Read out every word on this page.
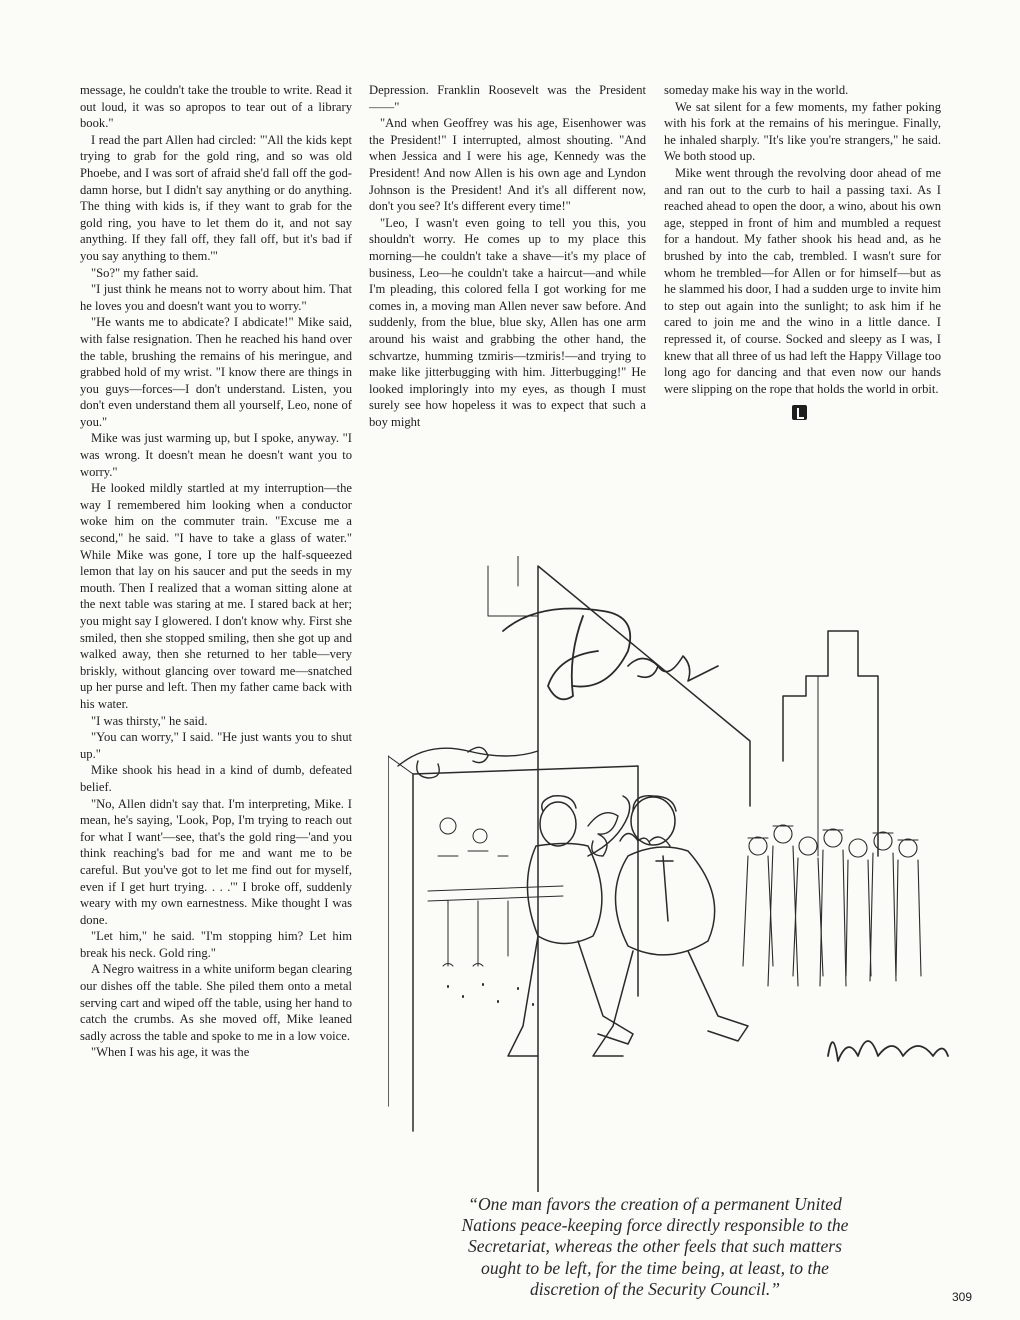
message, he couldn't take the trouble to write. Read it out loud, it was so apropos to tear out of a library book."

I read the part Allen had circled: "'All the kids kept trying to grab for the gold ring, and so was old Phoebe, and I was sort of afraid she'd fall off the god-damn horse, but I didn't say anything or do anything. The thing with kids is, if they want to grab for the gold ring, you have to let them do it, and not say anything. If they fall off, they fall off, but it's bad if you say anything to them.'"

"So?" my father said.

"I just think he means not to worry about him. That he loves you and doesn't want you to worry."

"He wants me to abdicate? I abdicate!" Mike said, with false resignation. Then he reached his hand over the table, brushing the remains of his meringue, and grabbed hold of my wrist. "I know there are things in you guys—forces—I don't understand. Listen, you don't even understand them all yourself, Leo, none of you."

Mike was just warming up, but I spoke, anyway. "I was wrong. It doesn't mean he doesn't want you to worry."

He looked mildly startled at my interruption—the way I remembered him looking when a conductor woke him on the commuter train. "Excuse me a second," he said. "I have to take a glass of water." While Mike was gone, I tore up the half-squeezed lemon that lay on his saucer and put the seeds in my mouth. Then I realized that a woman sitting alone at the next table was staring at me. I stared back at her; you might say I glowered. I don't know why. First she smiled, then she stopped smiling, then she got up and walked away, then she returned to her table—very briskly, without glancing over toward me—snatched up her purse and left. Then my father came back with his water.

"I was thirsty," he said.

"You can worry," I said. "He just wants you to shut up."

Mike shook his head in a kind of dumb, defeated belief.

"No, Allen didn't say that. I'm interpreting, Mike. I mean, he's saying, 'Look, Pop, I'm trying to reach out for what I want'—see, that's the gold ring—'and you think reaching's bad for me and want me to be careful. But you've got to let me find out for myself, even if I get hurt trying. . . .'" I broke off, suddenly weary with my own earnestness. Mike thought I was done.

"Let him," he said. "I'm stopping him? Let him break his neck. Gold ring."

A Negro waitress in a white uniform began clearing our dishes off the table. She piled them onto a metal serving cart and wiped off the table, using her hand to catch the crumbs. As she moved off, Mike leaned sadly across the table and spoke to me in a low voice.

"When I was his age, it was the

Depression. Franklin Roosevelt was the President——"

"And when Geoffrey was his age, Eisenhower was the President!" I interrupted, almost shouting. "And when Jessica and I were his age, Kennedy was the President! And now Allen is his own age and Lyndon Johnson is the President! And it's all different now, don't you see? It's different every time!"

"Leo, I wasn't even going to tell you this, you shouldn't worry. He comes up to my place this morning—he couldn't take a shave—it's my place of business, Leo—he couldn't take a haircut—and while I'm pleading, this colored fella I got working for me comes in, a moving man Allen never saw before. And suddenly, from the blue, blue sky, Allen has one arm around his waist and grabbing the other hand, the schvartze, humming tzmiris—tzmiris!—and trying to make like jitterbugging with him. Jitterbugging!" He looked imploringly into my eyes, as though I must surely see how hopeless it was to expect that such a boy might

someday make his way in the world.

We sat silent for a few moments, my father poking with his fork at the remains of his meringue. Finally, he inhaled sharply. "It's like you're strangers," he said. We both stood up.

Mike went through the revolving door ahead of me and ran out to the curb to hail a passing taxi. As I reached ahead to open the door, a wino, about his own age, stepped in front of him and mumbled a request for a handout. My father shook his head and, as he brushed by into the cab, trembled. I wasn't sure for whom he trembled—for Allen or for himself—but as he slammed his door, I had a sudden urge to invite him to step out again into the sunlight; to ask him if he cared to join me and the wino in a little dance. I repressed it, of course. Socked and sleepy as I was, I knew that all three of us had left the Happy Village too long ago for dancing and that even now our hands were slipping on the rope that holds the world in orbit.

Bar
Bar
Handelsman
“One man favors the creation of a permanent United
Nations peace-keeping force directly responsible to the
Secretariat, whereas the other feels that such matters
ought to be left, for the time being, at least, to the
discretion of the Security Council.”	309
